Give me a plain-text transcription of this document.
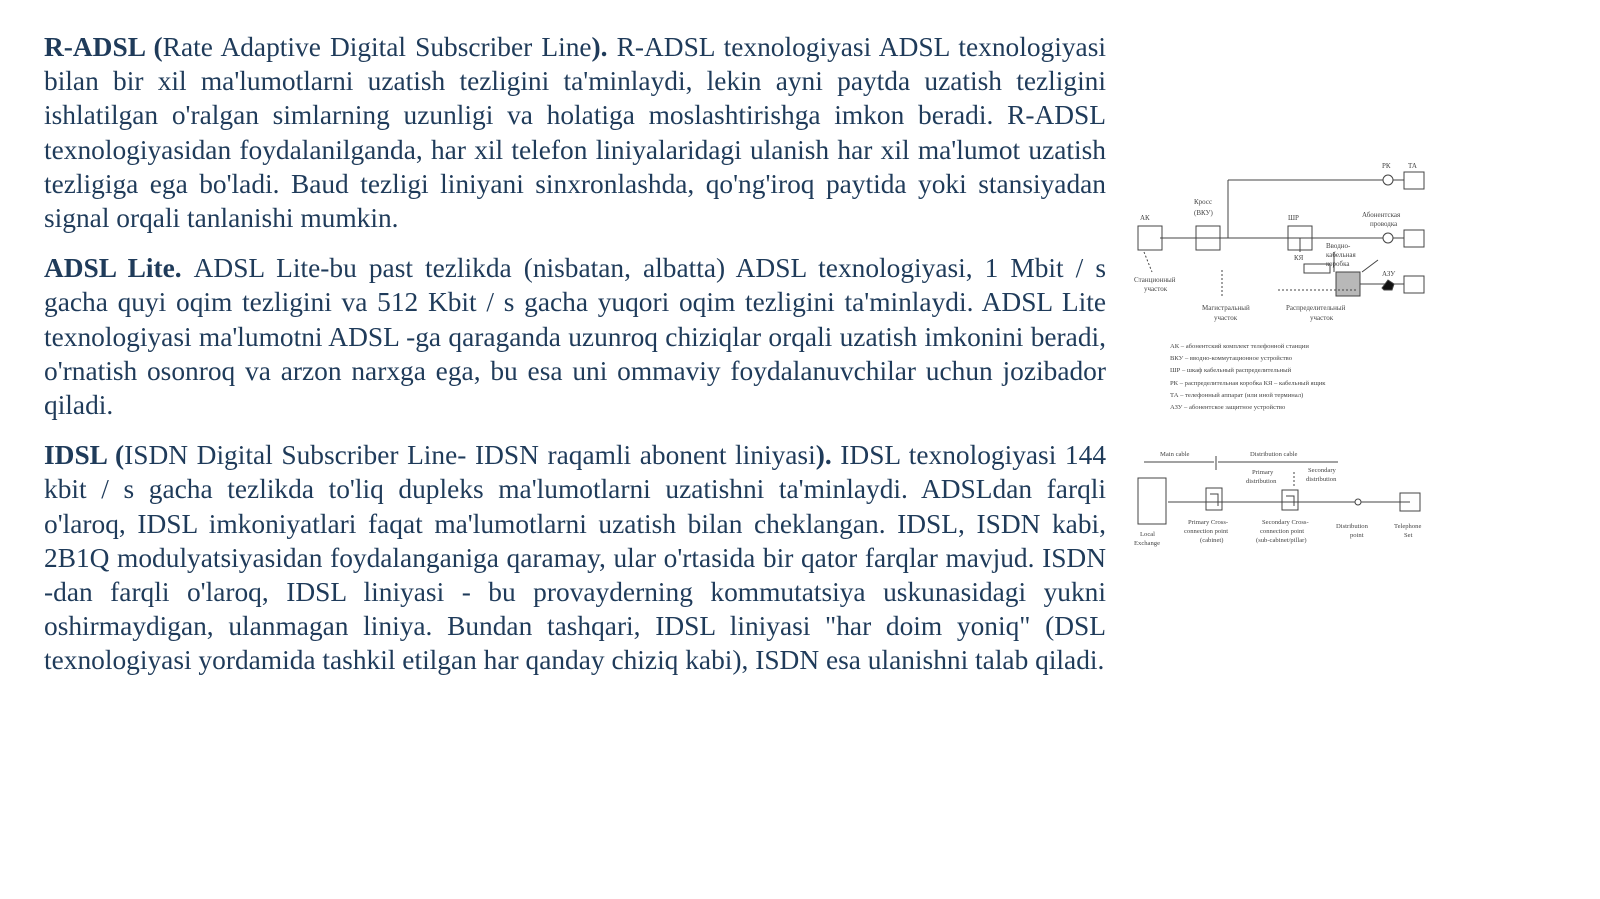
R-ADSL (Rate Adaptive Digital Subscriber Line). R-ADSL texnologiyasi ADSL texnologiyasi bilan bir xil ma'lumotlarni uzatish tezligini ta'minlaydi, lekin ayni paytda uzatish tezligini ishlatilgan o'ralgan simlarning uzunligi va holatiga moslashtirishga imkon beradi. R-ADSL texnologiyasidan foydalanilganda, har xil telefon liniyalaridagi ulanish har xil ma'lumot uzatish tezligiga ega bo'ladi. Baud tezligi liniyani sinxronlashda, qo'ng'iroq paytida yoki stansiyadan signal orqali tanlanishi mumkin.

ADSL Lite. ADSL Lite-bu past tezlikda (nisbatan, albatta) ADSL texnologiyasi, 1 Mbit / s gacha quyi oqim tezligini va 512 Kbit / s gacha yuqori oqim tezligini ta'minlaydi. ADSL Lite texnologiyasi ma'lumotni ADSL -ga qaraganda uzunroq chiziqlar orqali uzatish imkonini beradi, o'rnatish osonroq va arzon narxga ega, bu esa uni ommaviy foydalanuvchilar uchun jozibador qiladi.

IDSL (ISDN Digital Subscriber Line- IDSN raqamli abonent liniyasi). IDSL texnologiyasi 144 kbit / s gacha tezlikda to'liq dupleks ma'lumotlarni uzatishni ta'minlaydi. ADSLdan farqli o'laroq, IDSL imkoniyatlari faqat ma'lumotlarni uzatish bilan cheklangan. IDSL, ISDN kabi, 2B1Q modulyatsiyasidan foydalanganiga qaramay, ular o'rtasida bir qator farqlar mavjud. ISDN -dan farqli o'laroq, IDSL liniyasi - bu provayderning kommutatsiya uskunasidagi yukni oshirmaydigan, ulanmagan liniya. Bundan tashqari, IDSL liniyasi "har doim yoniq" (DSL texnologiyasi yordamida tashkil etilgan har qanday chiziq kabi), ISDN esa ulanishni talab qiladi.

АК
Кросс
(ВКУ)
ШР
РК ТА
Абонентская
проводка
Вводно-
кабельная
коробка
КЯ
АЗУ
Станционный
участок
Магистральный
участок
Распределительный
участок
АК – абонентский комплект телефонной станции
ВКУ – вводно-коммутационное устройство
ШР – шкаф кабельный распределительный
РК – распределительная коробка КЯ – кабельный ящик
ТА – телефонный аппарат (или иной терминал)
АЗУ – абонентское защитное устройство
Main cable	Distribution cable
Primary
distribution
Secondary
distribution
Local
Exchange
Primary Cross-
connection point
(cabinet)
Secondary Cross-
connection point
(sub-cabinet/pillar)
Distribution
point
Telephone
Set
